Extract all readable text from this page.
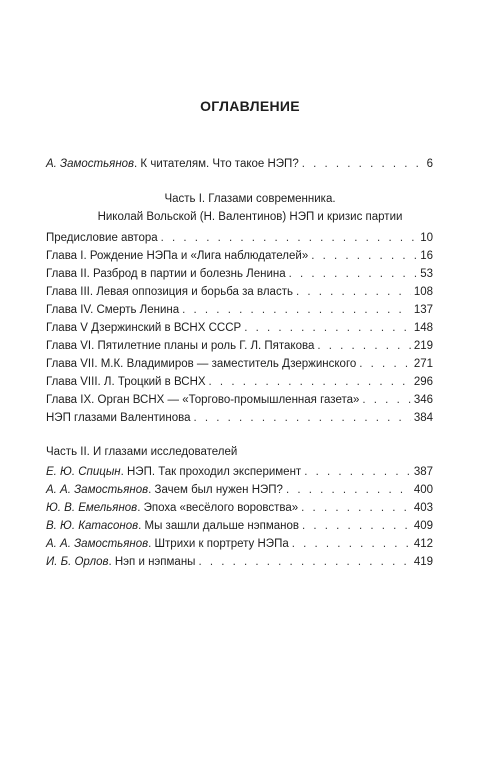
ОГЛАВЛЕНИЕ
А. Замостьянов. К читателям. Что такое НЭП? . . .	6
Часть I. Глазами современника.
Николай Вольской (Н. Валентинов) НЭП и кризис партии
Предисловие автора . . .	10
Глава I. Рождение НЭПа и «Лига наблюдателей» . . .	16
Глава II. Разброд в партии и болезнь Ленина . . .	53
Глава III. Левая оппозиция и борьба за власть . . .	108
Глава IV. Смерть Ленина . . .	137
Глава V Дзержинский в ВСНХ СССР . . .	148
Глава VI. Пятилетние планы и роль Г. Л. Пятакова . . .	219
Глава VII. М.К. Владимиров — заместитель Дзержинского . . .	271
Глава VIII. Л. Троцкий в ВСНХ . . .	296
Глава IX. Орган ВСНХ — «Торгово-промышленная газета» . . .	346
НЭП глазами Валентинова . . .	384
Часть II. И глазами исследователей
Е. Ю. Спицын. НЭП. Так проходил эксперимент . . .	387
А. А. Замостьянов. Зачем был нужен НЭП? . . .	400
Ю. В. Емельянов. Эпоха «весёлого воровства» . . .	403
В. Ю. Катасонов. Мы зашли дальше нэпманов . . .	409
А. А. Замостьянов. Штрихи к портрету НЭПа . . .	412
И. Б. Орлов. Нэп и нэпманы . . .	419
